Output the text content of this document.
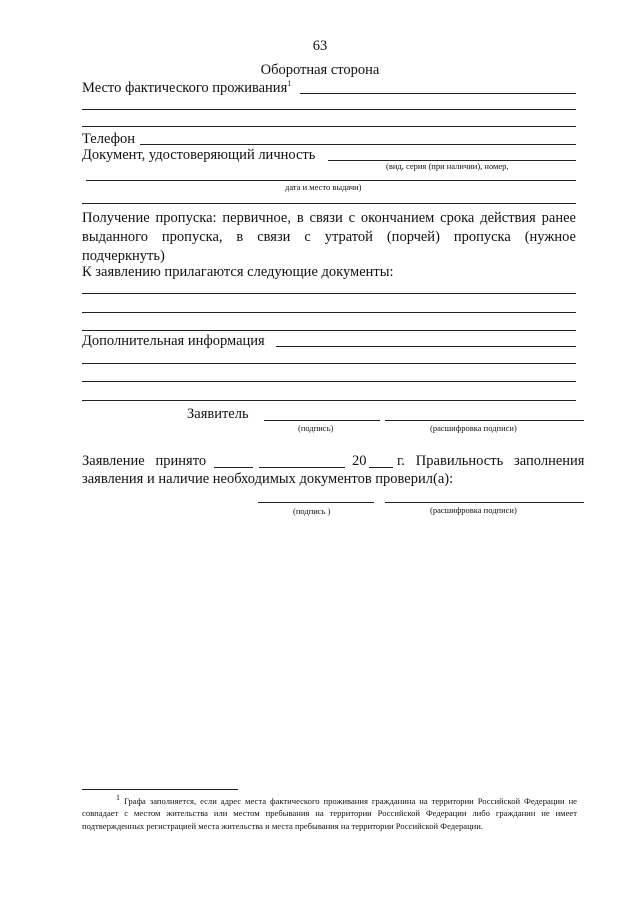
63
Оборотная сторона
Место фактического проживания$^1$
Телефон
Документ, удостоверяющий личность
(вид, серия (при наличии), номер,
дата и место выдачи)
Получение пропуска: первичное, в связи с окончанием срока действия ранее выданного пропуска, в связи с утратой (порчей) пропуска (нужное подчеркнуть)
К заявлению прилагаются следующие документы:
Дополнительная информация
Заявитель
(подпись)	(расшифровка подписи)
Заявление   принято	20 г.   Правильность   заполнения
заявления и наличие необходимых документов проверил(а):
(подпись )	(расшифровка подписи)
$^1$ Графа заполняется, если адрес места фактического проживания гражданина на территории Российской Федерации не совпадает с местом жительства или местом пребывания на территории Российской Федерации либо гражданин не имеет подтвержденных регистрацией места жительства и места пребывания на территории Российской Федерации.
